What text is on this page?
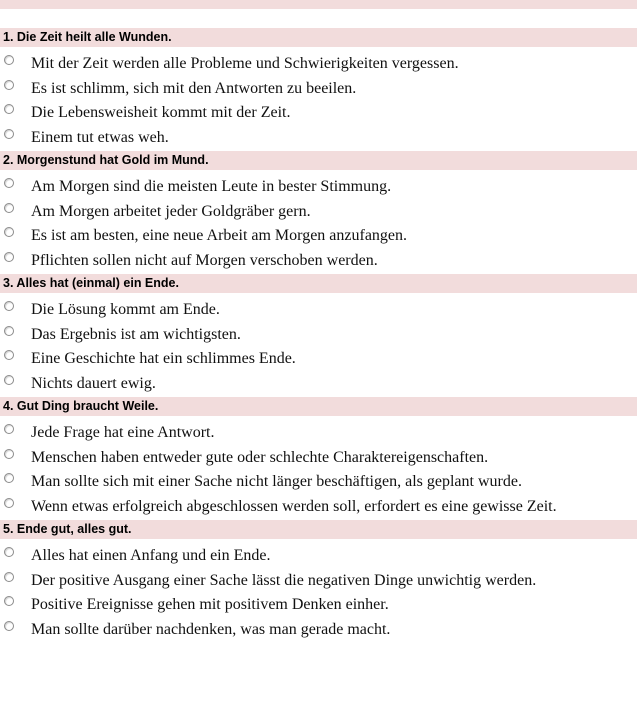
1. Die Zeit heilt alle Wunden.
Mit der Zeit werden alle Probleme und Schwierigkeiten vergessen.
Es ist schlimm, sich mit den Antworten zu beeilen.
Die Lebensweisheit kommt mit der Zeit.
Einem tut etwas weh.
2. Morgenstund hat Gold im Mund.
Am Morgen sind die meisten Leute in bester Stimmung.
Am Morgen arbeitet jeder Goldgräber gern.
Es ist am besten, eine neue Arbeit am Morgen anzufangen.
Pflichten sollen nicht auf Morgen verschoben werden.
3. Alles hat (einmal) ein Ende.
Die Lösung kommt am Ende.
Das Ergebnis ist am wichtigsten.
Eine Geschichte hat ein schlimmes Ende.
Nichts dauert ewig.
4. Gut Ding braucht Weile.
Jede Frage hat eine Antwort.
Menschen haben entweder gute oder schlechte Charaktereigenschaften.
Man sollte sich mit einer Sache nicht länger beschäftigen, als geplant wurde.
Wenn etwas erfolgreich abgeschlossen werden soll, erfordert es eine gewisse Zeit.
5. Ende gut, alles gut.
Alles hat einen Anfang und ein Ende.
Der positive Ausgang einer Sache lässt die negativen Dinge unwichtig werden.
Positive Ereignisse gehen mit positivem Denken einher.
Man sollte darüber nachdenken, was man gerade macht.
